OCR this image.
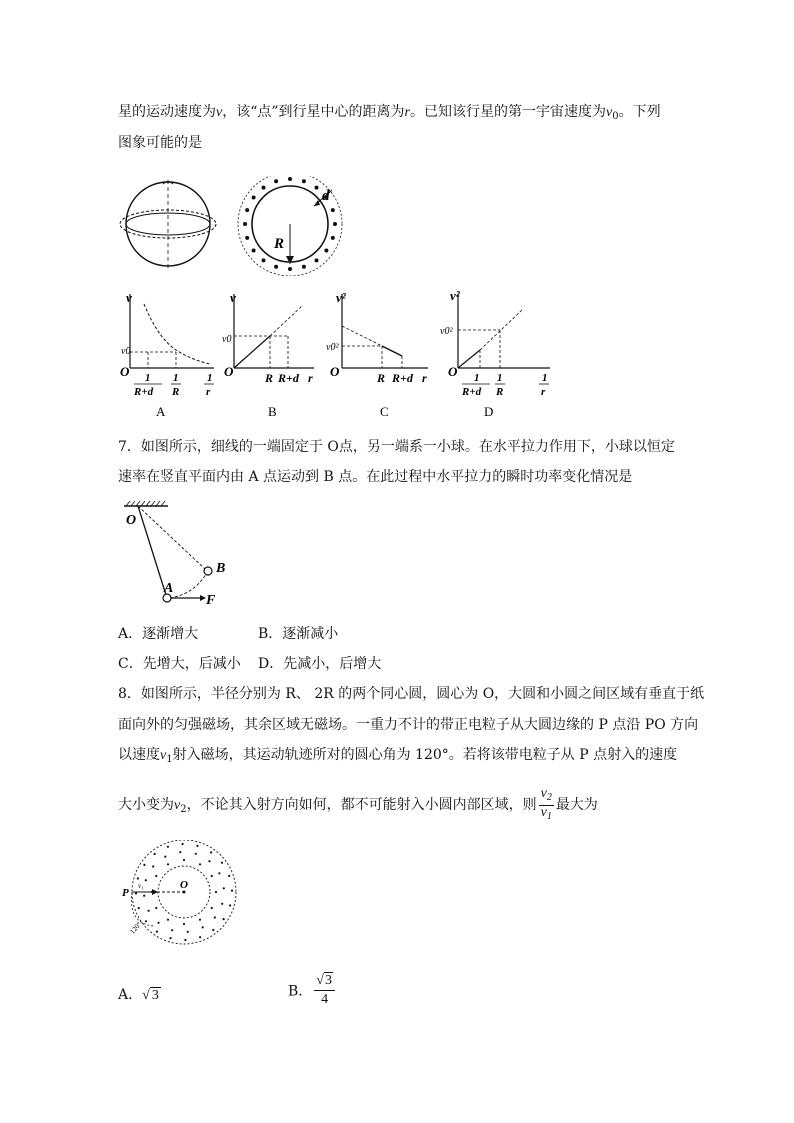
星的运动速度为v，该“点”到行星中心的距离为r。已知该行星的第一宇宙速度为$v_0$。下列
图象可能的是
R
d
v
O
v0
1
R+d
1
R
1
r
A
v
O
v0
R R+d r
B
v²
O
v0²
R R+d r
C
v²
O
v0²
1
R+d
1
R
1
r
D
7．如图所示，细线的一端固定于 O点，另一端系一小球。在水平拉力作用下，小球以恒定
速率在竖直平面内由 A 点运动到 B 点。在此过程中水平拉力的瞬时功率变化情况是
O
A
B
F
A．逐渐增大	B．逐渐减小
C．先增大，后减小 D．先减小，后增大
8．如图所示，半径分别为 R、 2R 的两个同心圆，圆心为 O，大圆和小圆之间区域有垂直于纸
面向外的匀强磁场，其余区域无磁场。一重力不计的带正电粒子从大圆边缘的 P 点沿 PO 方向
以速度$v_1$射入磁场，其运动轨迹所对的圆心角为 120°。若将该带电粒子从 P 点射入的速度
大小变为$v_2$，不论其入射方向如何，都不可能射入小圆内部区域，则 $\frac{v_2}{v_1}$ 最大为
P
O
v₁
120°
A．√ 3	B． $\frac{√3}{4}$
